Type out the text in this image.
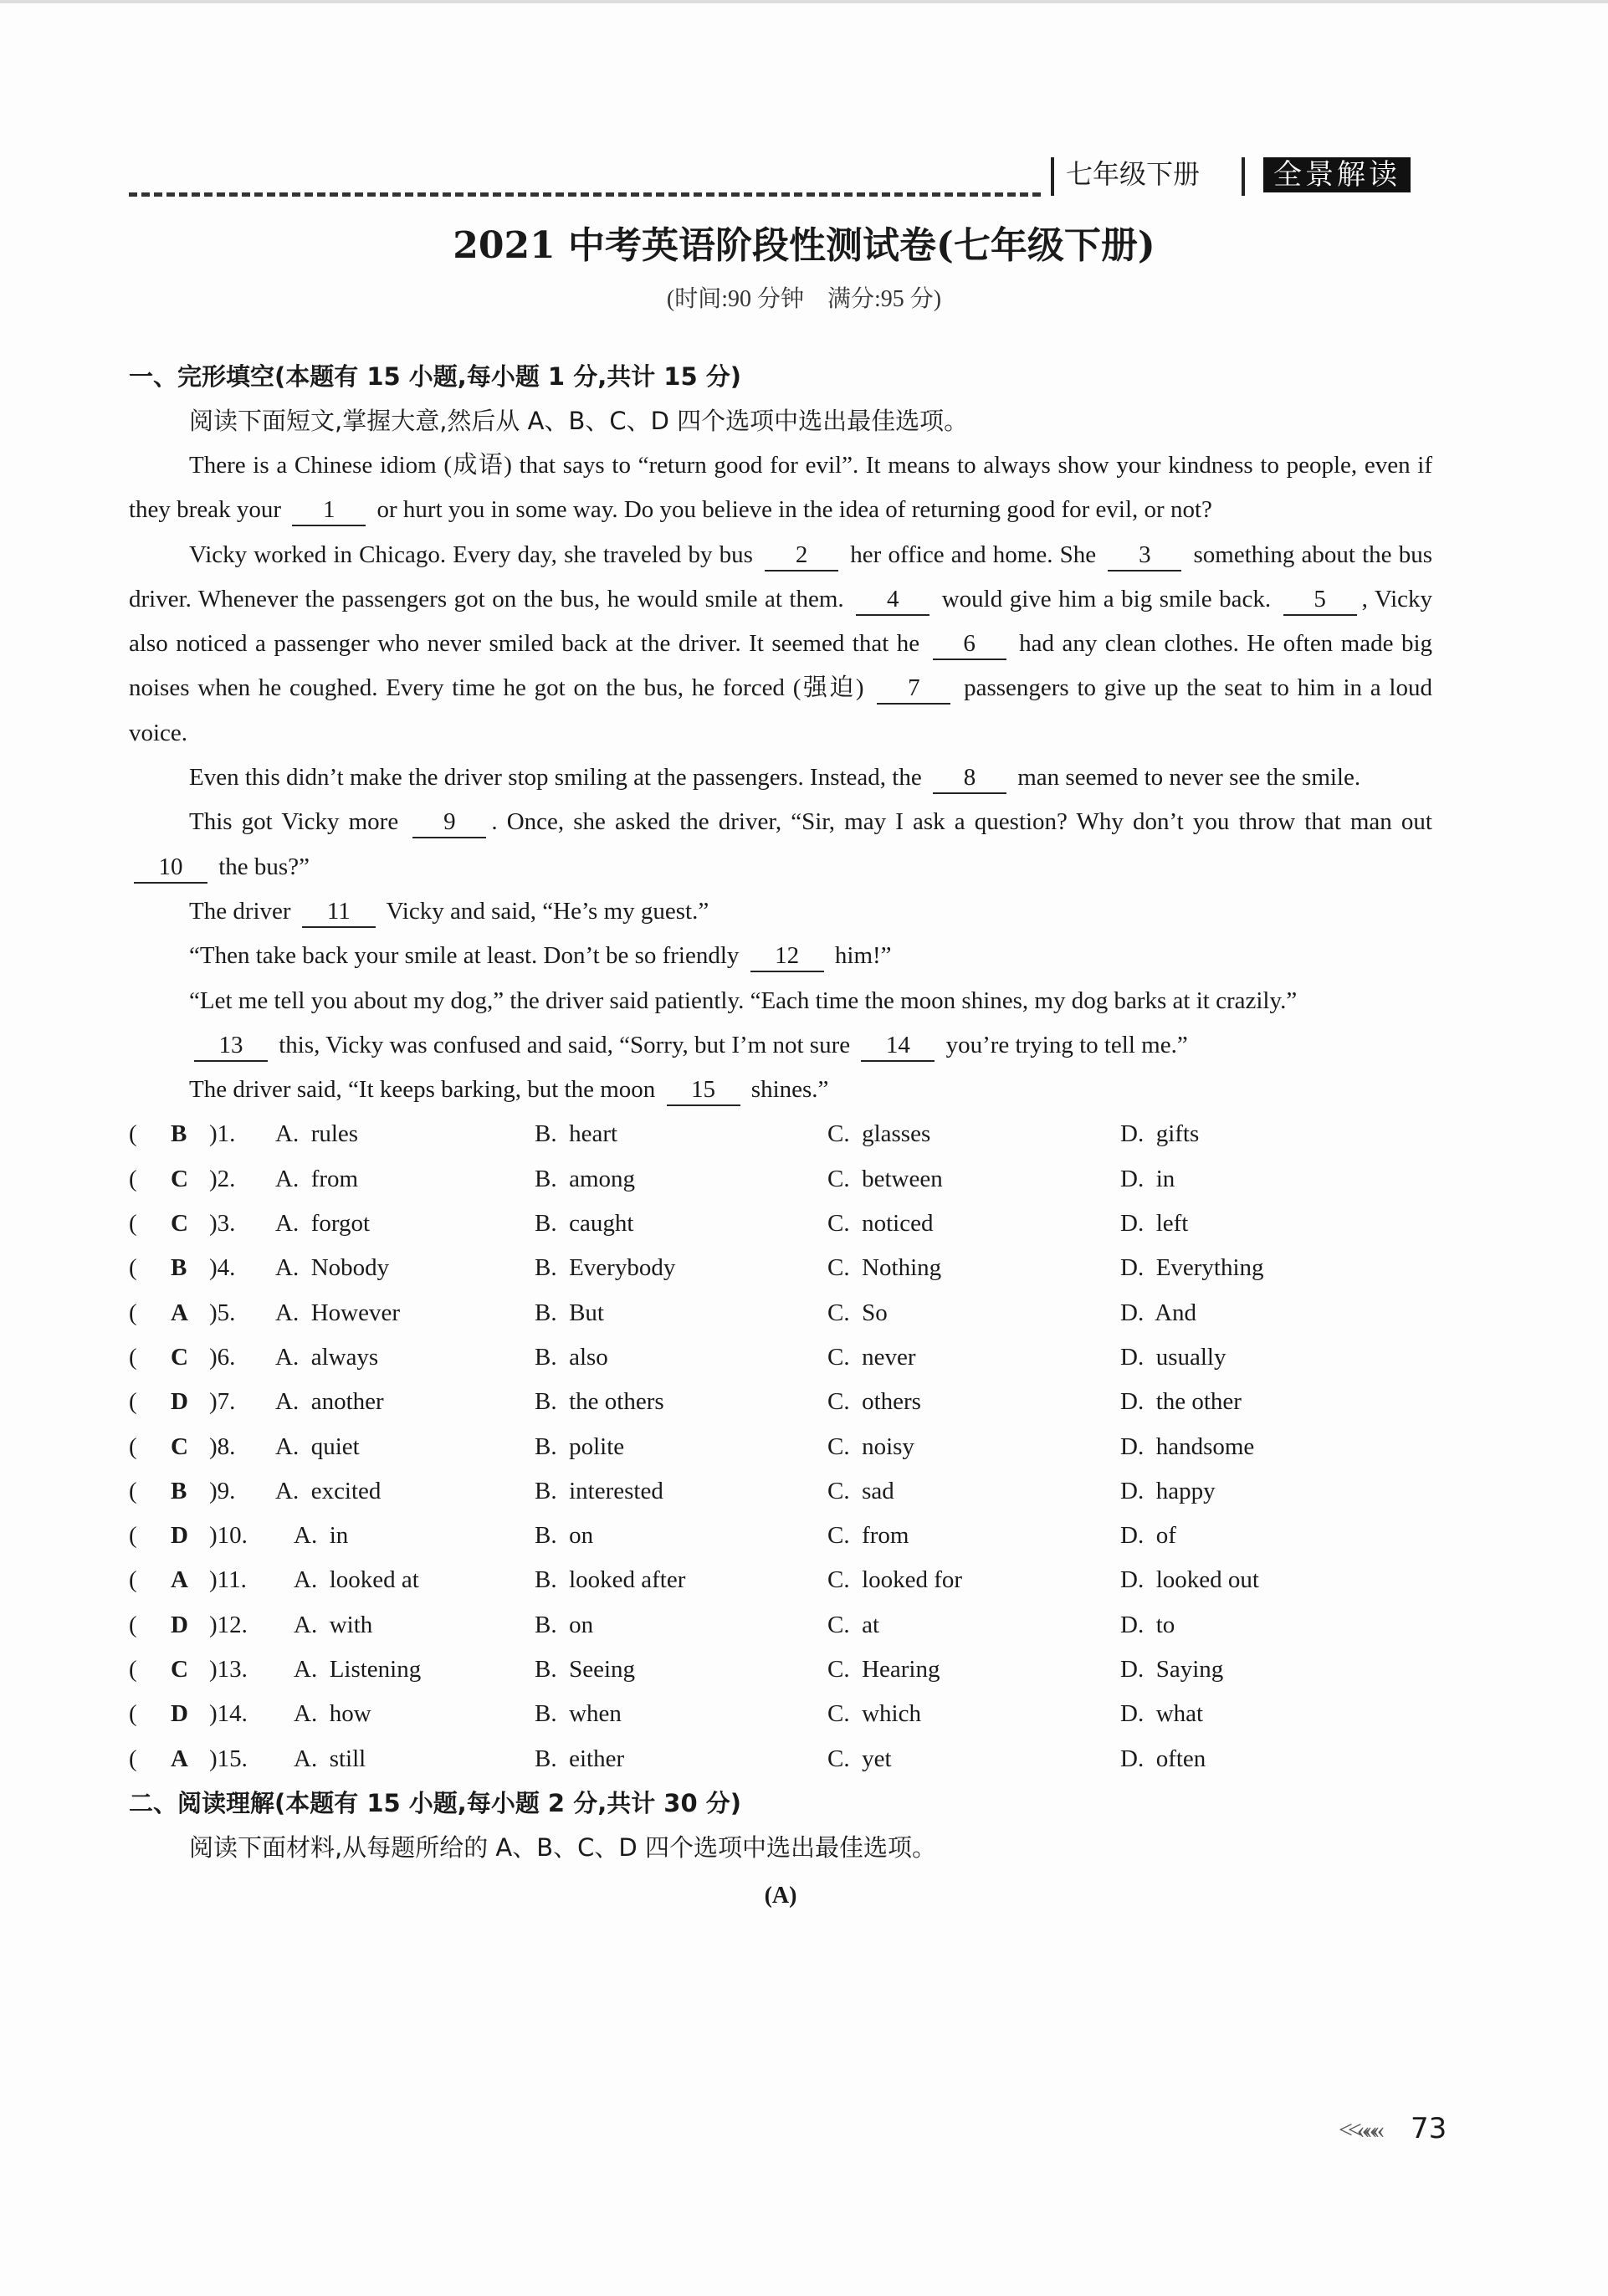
七年级下册	全景解读
2021 中考英语阶段性测试卷(七年级下册)
(时间:90 分钟　满分:95 分)
一、完形填空(本题有 15 小题,每小题 1 分,共计 15 分)
阅读下面短文,掌握大意,然后从 A、B、C、D 四个选项中选出最佳选项。

There is a Chinese idiom (成语) that says to “return good for evil”. It means to always show your kindness to people, even if they break your 1 or hurt you in some way. Do you believe in the idea of returning good for evil, or not?

Vicky worked in Chicago. Every day, she traveled by bus 2 her office and home. She 3 something about the bus driver. Whenever the passengers got on the bus, he would smile at them. 4 would give him a big smile back. 5 , Vicky also noticed a passenger who never smiled back at the driver. It seemed that he 6 had any clean clothes. He often made big noises when he coughed. Every time he got on the bus, he forced (强迫) 7 passengers to give up the seat to him in a loud voice.

Even this didn’t make the driver stop smiling at the passengers. Instead, the 8 man seemed to never see the smile.

This got Vicky more 9 . Once, she asked the driver, “Sir, may I ask a question? Why don’t you throw that man out 10 the bus?”

The driver 11 Vicky and said, “He’s my guest.”

“Then take back your smile at least. Don’t be so friendly 12 him!”

“Let me tell you about my dog,” the driver said patiently. “Each time the moon shines, my dog barks at it crazily.”

13 this, Vicky was confused and said, “Sorry, but I’m not sure 14 you’re trying to tell me.”

The driver said, “It keeps barking, but the moon 15 shines.”

( B )1. A.  rules	B.  heart	C.  glasses	D.  gifts
( C )2. A.  from	B.  among	C.  between	D.  in
( C )3. A.  forgot	B.  caught	C.  noticed	D.  left
( B )4. A.  Nobody	B.  Everybody	C.  Nothing	D.  Everything
( A )5. A.  However	B.  But	C.  So	D.  And
( C )6. A.  always	B.  also	C.  never	D.  usually
( D )7. A.  another	B.  the others	C.  others	D.  the other
( C )8. A.  quiet	B.  polite	C.  noisy	D.  handsome
( B )9. A.  excited	B.  interested	C.  sad	D.  happy
( D )10. A.  in	B.  on	C.  from	D.  of
( A )11. A.  looked at	B.  looked after	C.  looked for	D.  looked out
( D )12. A.  with	B.  on	C.  at	D.  to
( C )13. A.  Listening	B.  Seeing	C.  Hearing	D.  Saying
( D )14. A.  how	B.  when	C.  which	D.  what
( A )15. A.  still	B.  either	C.  yet	D.  often
二、阅读理解(本题有 15 小题,每小题 2 分,共计 30 分)
阅读下面材料,从每题所给的 A、B、C、D 四个选项中选出最佳选项。
(A)
<<««« 73
